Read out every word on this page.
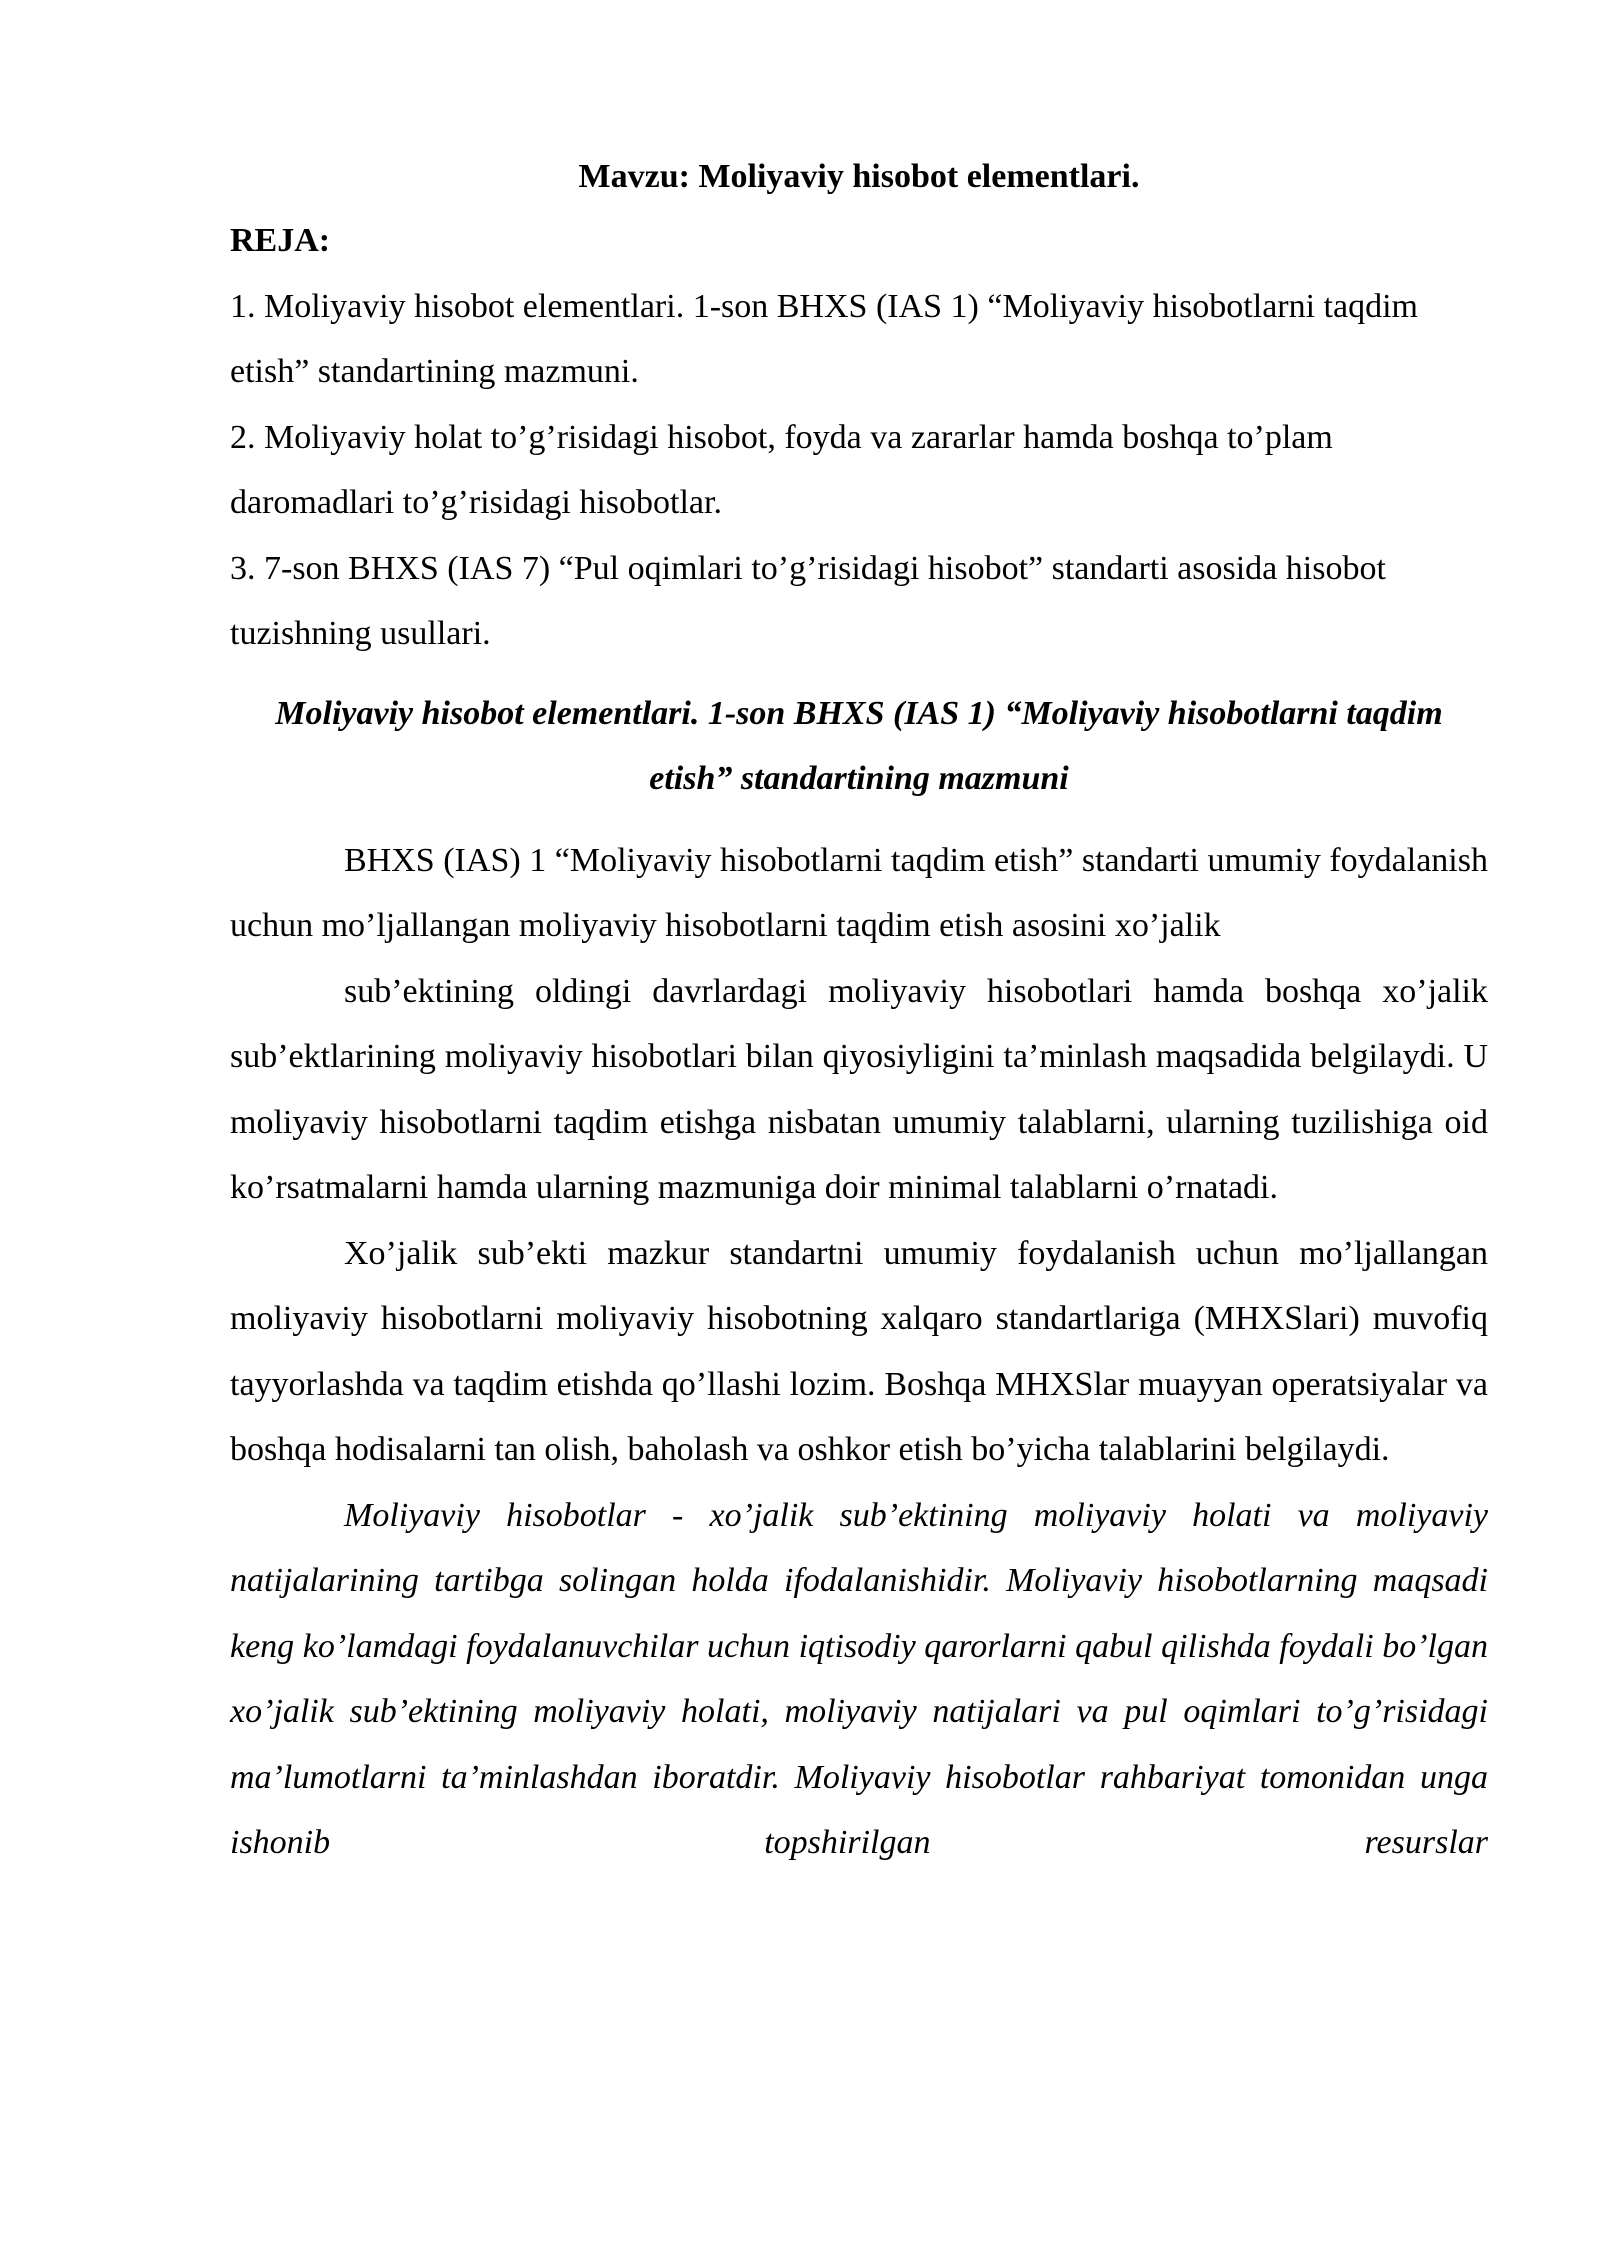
Mavzu: Moliyaviy hisobot elementlari.

REJA:

1. Moliyaviy hisobot elementlari. 1-son BHXS (IAS 1) “Moliyaviy hisobotlarni taqdim etish” standartining mazmuni.

2. Moliyaviy holat to’g’risidagi hisobot, foyda va zararlar hamda boshqa to’plam daromadlari to’g’risidagi hisobotlar.

3. 7-son BHXS (IAS 7) “Pul oqimlari to’g’risidagi hisobot” standarti asosida hisobot tuzishning usullari.

Moliyaviy hisobot elementlari. 1-son BHXS (IAS 1) “Moliyaviy hisobotlarni taqdim etish” standartining mazmuni

BHXS (IAS) 1 “Moliyaviy hisobotlarni taqdim etish” standarti umumiy foydalanish uchun mo’ljallangan moliyaviy hisobotlarni taqdim etish asosini xo’jalik

sub’ektining oldingi davrlardagi moliyaviy hisobotlari hamda boshqa xo’jalik sub’ektlarining moliyaviy hisobotlari bilan qiyosiyligini ta’minlash maqsadida belgilaydi. U moliyaviy hisobotlarni taqdim etishga nisbatan umumiy talablarni, ularning tuzilishiga oid ko’rsatmalarni hamda ularning mazmuniga doir minimal talablarni o’rnatadi.

Xo’jalik sub’ekti mazkur standartni umumiy foydalanish uchun mo’ljallangan moliyaviy hisobotlarni moliyaviy hisobotning xalqaro standartlariga (MHXSlari) muvofiq tayyorlashda va taqdim etishda qo’llashi lozim. Boshqa MHXSlar muayyan operatsiyalar va boshqa hodisalarni tan olish, baholash va oshkor etish bo’yicha talablarini belgilaydi.

Moliyaviy hisobotlar - xo’jalik sub’ektining moliyaviy holati va moliyaviy natijalarining tartibga solingan holda ifodalanishidir. Moliyaviy hisobotlarning maqsadi keng ko’lamdagi foydalanuvchilar uchun iqtisodiy qarorlarni qabul qilishda foydali bo’lgan xo’jalik sub’ektining moliyaviy holati, moliyaviy natijalari va pul oqimlari to’g’risidagi ma’lumotlarni ta’minlashdan iboratdir. Moliyaviy hisobotlar rahbariyat tomonidan unga ishonib topshirilgan resurslar
